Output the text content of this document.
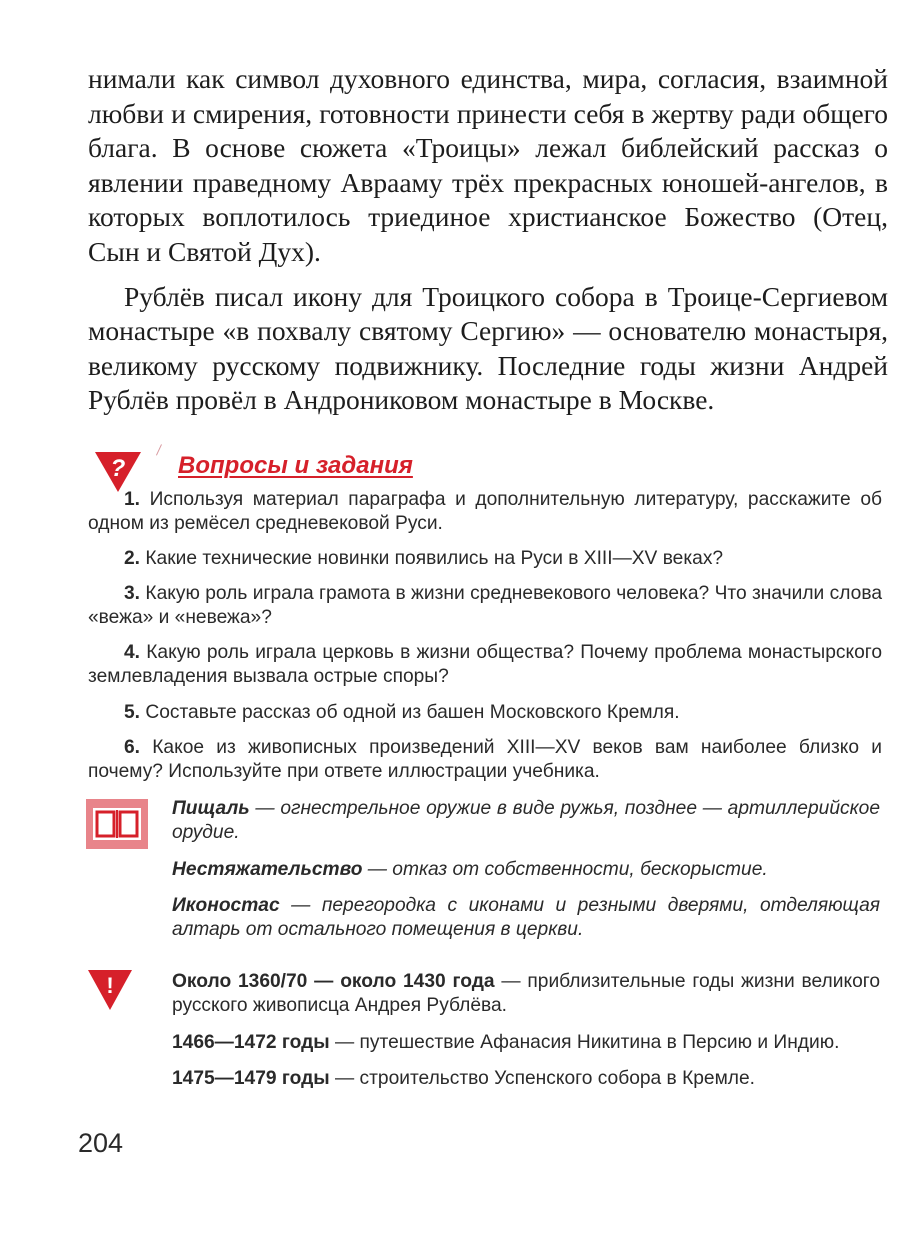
нимали как символ духовного единства, мира, согласия, взаимной любви и смирения, готовности принести себя в жертву ради общего блага. В основе сюжета «Троицы» лежал библейский рассказ о явлении праведному Аврааму трёх прекрасных юношей-ангелов, в которых воплотилось триединое христианское Божество (Отец, Сын и Святой Дух).

Рублёв писал икону для Троицкого собора в Троице-Сергиевом монастыре «в похвалу святому Сергию» — основателю монастыря, великому русскому подвижнику. Последние годы жизни Андрей Рублёв провёл в Андрониковом монастыре в Москве.

? Вопросы и задания
1. Используя материал параграфа и дополнительную литературу, расскажите об одном из ремёсел средневековой Руси.
2. Какие технические новинки появились на Руси в XIII—XV веках?
3. Какую роль играла грамота в жизни средневекового человека? Что значили слова «вежа» и «невежа»?
4. Какую роль играла церковь в жизни общества? Почему проблема монастырского землевладения вызвала острые споры?
5. Составьте рассказ об одной из башен Московского Кремля.
6. Какое из живописных произведений XIII—XV веков вам наиболее близко и почему? Используйте при ответе иллюстрации учебника.
Пищаль — огнестрельное оружие в виде ружья, позднее — артиллерийское орудие.
Нестяжательство — отказ от собственности, бескорыстие.
Иконостас — перегородка с иконами и резными дверями, отделяющая алтарь от остального помещения в церкви.
!	Около 1360/70 — около 1430 года — приблизительные годы жизни великого русского живописца Андрея Рублёва.
1466—1472 годы — путешествие Афанасия Никитина в Персию и Индию.
1475—1479 годы — строительство Успенского собора в Кремле.
204
